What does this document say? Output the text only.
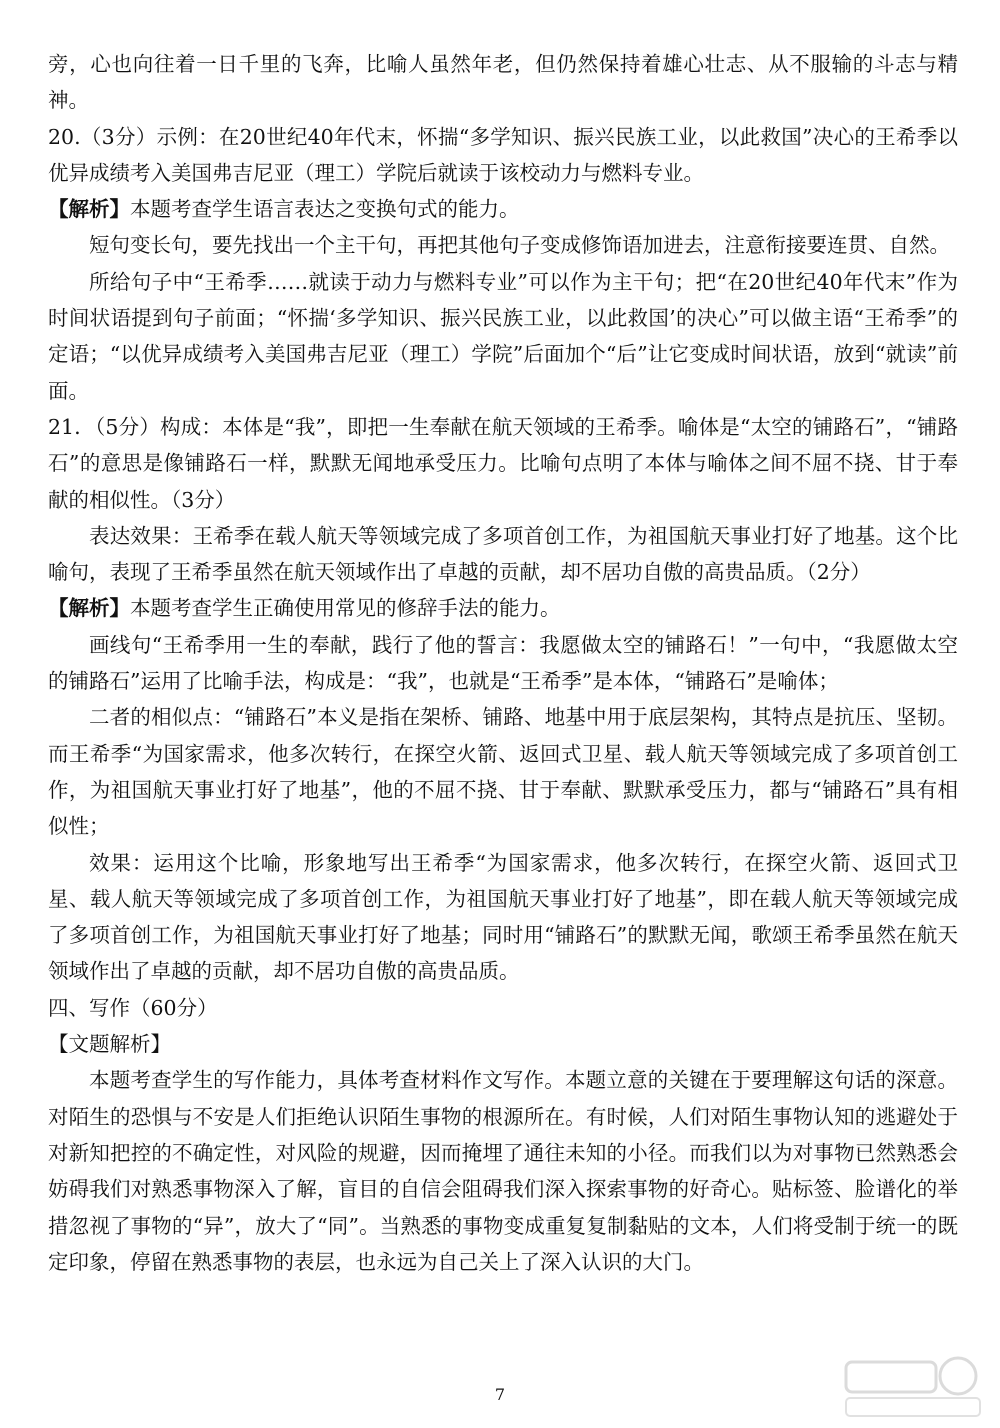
旁，心也向往着一日千里的飞奔，比喻人虽然年老，但仍然保持着雄心壮志、从不服输的斗志与精神。

20.（3分）示例：在20世纪40年代末，怀揣“多学知识、振兴民族工业，以此救国”决心的王希季以优异成绩考入美国弗吉尼亚（理工）学院后就读于该校动力与燃料专业。

【解析】本题考查学生语言表达之变换句式的能力。

短句变长句，要先找出一个主干句，再把其他句子变成修饰语加进去，注意衔接要连贯、自然。

所给句子中“王希季……就读于动力与燃料专业”可以作为主干句；把“在20世纪40年代末”作为时间状语提到句子前面；“怀揣‘多学知识、振兴民族工业，以此救国’的决心”可以做主语“王希季”的定语；“以优异成绩考入美国弗吉尼亚（理工）学院”后面加个“后”让它变成时间状语，放到“就读”前面。

21．（5分）构成：本体是“我”，即把一生奉献在航天领域的王希季。喻体是“太空的铺路石”，“铺路石”的意思是像铺路石一样，默默无闻地承受压力。比喻句点明了本体与喻体之间不屈不挠、甘于奉献的相似性。（3分）

表达效果：王希季在载人航天等领域完成了多项首创工作，为祖国航天事业打好了地基。这个比喻句，表现了王希季虽然在航天领域作出了卓越的贡献，却不居功自傲的高贵品质。（2分）

【解析】本题考查学生正确使用常见的修辞手法的能力。

画线句“王希季用一生的奉献，践行了他的誓言：我愿做太空的铺路石！”一句中，“我愿做太空的铺路石”运用了比喻手法，构成是：“我”，也就是“王希季”是本体，“铺路石”是喻体；

二者的相似点：“铺路石”本义是指在架桥、铺路、地基中用于底层架构，其特点是抗压、坚韧。而王希季“为国家需求，他多次转行，在探空火箭、返回式卫星、载人航天等领域完成了多项首创工作，为祖国航天事业打好了地基”，他的不屈不挠、甘于奉献、默默承受压力，都与“铺路石”具有相似性；

效果：运用这个比喻，形象地写出王希季“为国家需求，他多次转行，在探空火箭、返回式卫星、载人航天等领域完成了多项首创工作，为祖国航天事业打好了地基”，即在载人航天等领域完成了多项首创工作，为祖国航天事业打好了地基；同时用“铺路石”的默默无闻，歌颂王希季虽然在航天领域作出了卓越的贡献，却不居功自傲的高贵品质。

四、写作（60分）

【文题解析】

本题考查学生的写作能力，具体考查材料作文写作。本题立意的关键在于要理解这句话的深意。对陌生的恐惧与不安是人们拒绝认识陌生事物的根源所在。有时候，人们对陌生事物认知的逃避处于对新知把控的不确定性，对风险的规避，因而掩埋了通往未知的小径。而我们以为对事物已然熟悉会妨碍我们对熟悉事物深入了解，盲目的自信会阻碍我们深入探索事物的好奇心。贴标签、脸谱化的举措忽视了事物的“异”，放大了“同”。当熟悉的事物变成重复复制黏贴的文本，人们将受制于统一的既定印象，停留在熟悉事物的表层，也永远为自己关上了深入认识的大门。

7
